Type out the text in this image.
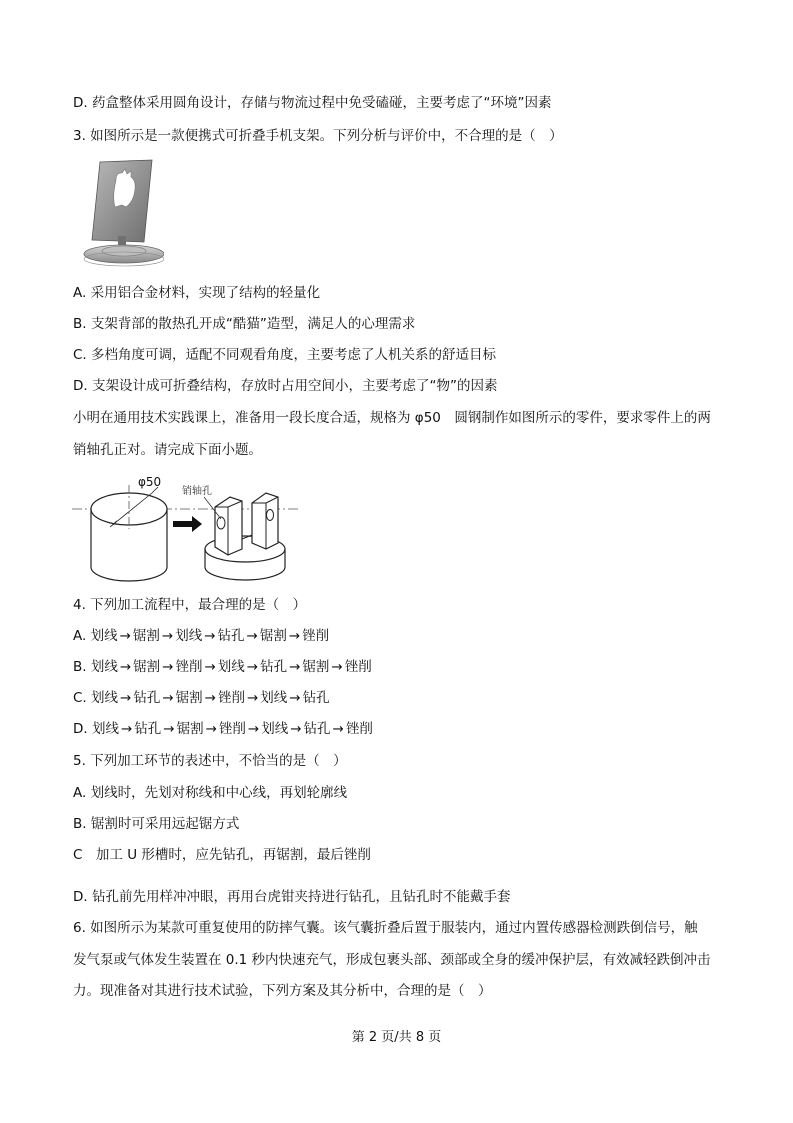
D. 药盒整体采用圆角设计，存储与物流过程中免受磕碰，主要考虑了“环境”因素
3. 如图所示是一款便携式可折叠手机支架。下列分析与评价中，不合理的是（　）
A. 采用铝合金材料，实现了结构的轻量化
B. 支架背部的散热孔开成“酷猫”造型，满足人的心理需求
C. 多档角度可调，适配不同观看角度，主要考虑了人机关系的舒适目标
D. 支架设计成可折叠结构，存放时占用空间小，主要考虑了“物”的因素
小明在通用技术实践课上，准备用一段长度合适，规格为 φ50　圆钢制作如图所示的零件，要求零件上的两
销轴孔正对。请完成下面小题。
φ50
销轴孔
4. 下列加工流程中，最合理的是（　）
A. 划线 → 锯割 → 划线 → 钻孔 → 锯割 → 锉削
B. 划线 → 锯割 → 锉削 → 划线 → 钻孔 → 锯割 → 锉削
C. 划线 → 钻孔 → 锯割 → 锉削 → 划线 → 钻孔
D. 划线 → 钻孔 → 锯割 → 锉削 → 划线 → 钻孔 → 锉削
5. 下列加工环节的表述中，不恰当的是（　）
A. 划线时，先划对称线和中心线，再划轮廓线
B. 锯割时可采用远起锯方式
C　加工 U 形槽时，应先钻孔，再锯割，最后锉削
D. 钻孔前先用样冲冲眼，再用台虎钳夹持进行钻孔，且钻孔时不能戴手套
6. 如图所示为某款可重复使用的防摔气囊。该气囊折叠后置于服装内，通过内置传感器检测跌倒信号，触
发气泵或气体发生装置在 0.1 秒内快速充气，形成包裹头部、颈部或全身的缓冲保护层，有效减轻跌倒冲击
力。现准备对其进行技术试验，下列方案及其分析中，合理的是（　）
第 2 页/共 8 页
